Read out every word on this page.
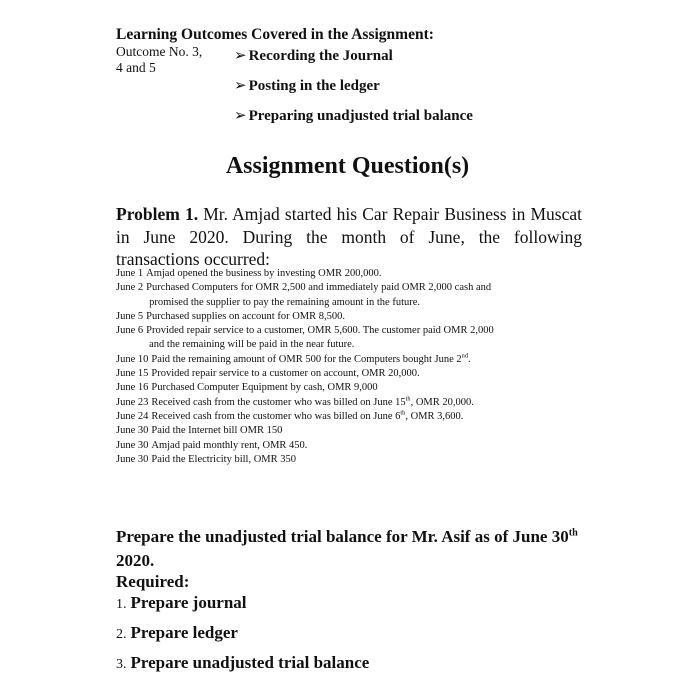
Learning Outcomes Covered in the Assignment:
Outcome No. 3,
4 and 5
➢ Recording the Journal
➢ Posting in the ledger
➢ Preparing unadjusted trial balance
Assignment Question(s)

Problem 1. Mr. Amjad started his Car Repair Business in Muscat in June 2020. During the month of June, the following transactions occurred:

June 1 Amjad opened the business by investing OMR 200,000.
June 2 Purchased Computers for OMR 2,500 and immediately paid OMR 2,000 cash and
promised the supplier to pay the remaining amount in the future.
June 5 Purchased supplies on account for OMR 8,500.
June 6 Provided repair service to a customer, OMR 5,600. The customer paid OMR 2,000
and the remaining will be paid in the near future.
June 10 Paid the remaining amount of OMR 500 for the Computers bought June 2nd.
June 15 Provided repair service to a customer on account, OMR 20,000.
June 16 Purchased Computer Equipment by cash, OMR 9,000
June 23 Received cash from the customer who was billed on June 15th, OMR 20,000.
June 24 Received cash from the customer who was billed on June 6th, OMR 3,600.
June 30 Paid the Internet bill OMR 150
June 30 Amjad paid monthly rent, OMR 450.
June 30 Paid the Electricity bill, OMR 350

Prepare the unadjusted trial balance for Mr. Asif as of June 30th 2020.

Required:
1. Prepare journal
2. Prepare ledger
3. Prepare unadjusted trial balance
